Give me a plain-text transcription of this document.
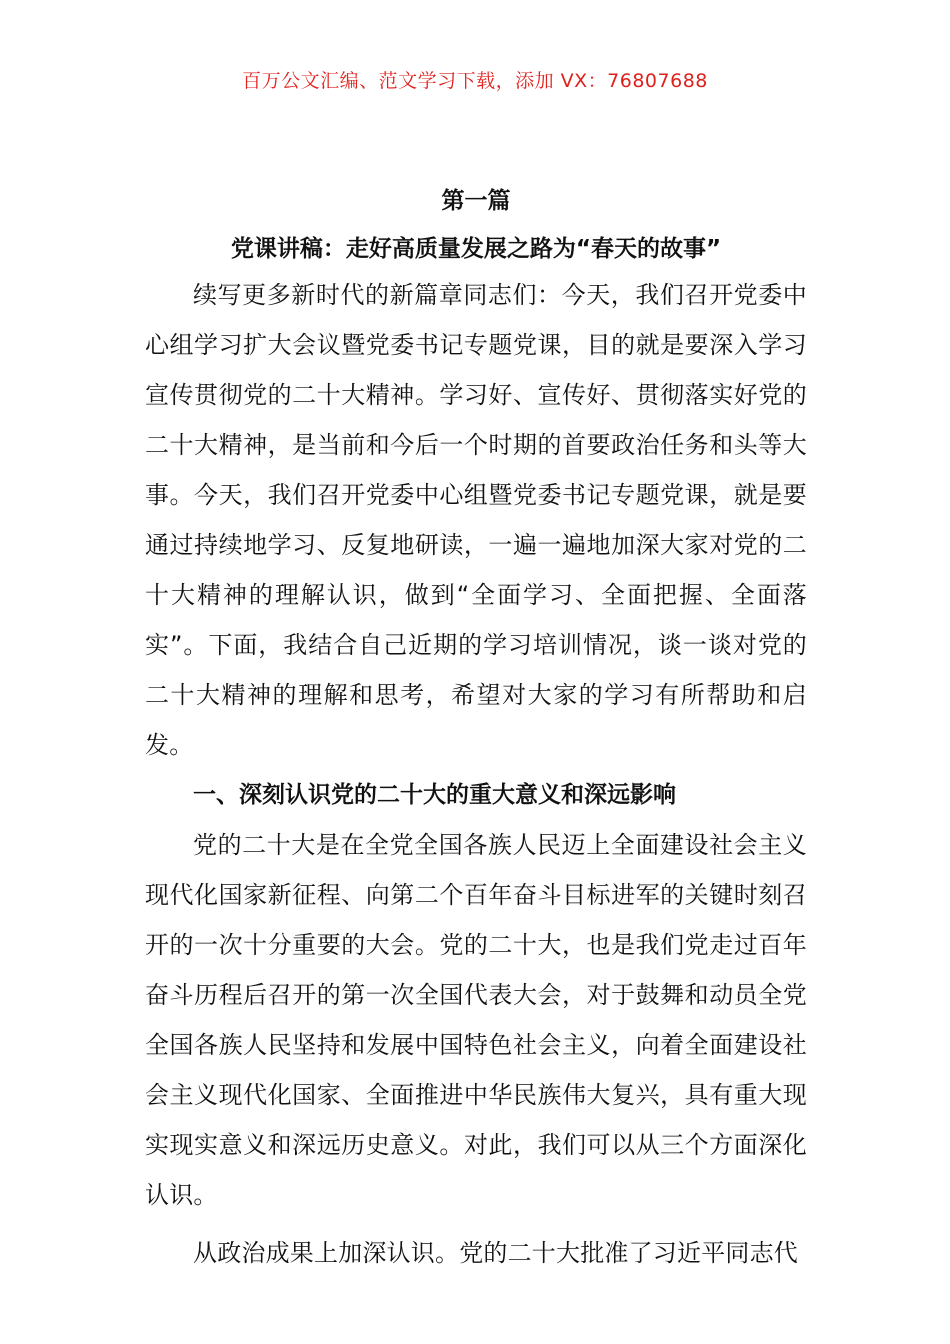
百万公文汇编、范文学习下载，添加 VX：76807688

第一篇

党课讲稿：走好高质量发展之路为“春天的故事”

续写更多新时代的新篇章同志们：今天，我们召开党委中心组学习扩大会议暨党委书记专题党课，目的就是要深入学习宣传贯彻党的二十大精神。学习好、宣传好、贯彻落实好党的二十大精神，是当前和今后一个时期的首要政治任务和头等大事。今天，我们召开党委中心组暨党委书记专题党课，就是要通过持续地学习、反复地研读，一遍一遍地加深大家对党的二十大精神的理解认识，做到“全面学习、全面把握、全面落实”。下面，我结合自己近期的学习培训情况，谈一谈对党的二十大精神的理解和思考，希望对大家的学习有所帮助和启发。

一、深刻认识党的二十大的重大意义和深远影响

党的二十大是在全党全国各族人民迈上全面建设社会主义现代化国家新征程、向第二个百年奋斗目标进军的关键时刻召开的一次十分重要的大会。党的二十大，也是我们党走过百年奋斗历程后召开的第一次全国代表大会，对于鼓舞和动员全党全国各族人民坚持和发展中国特色社会主义，向着全面建设社会主义现代化国家、全面推进中华民族伟大复兴，具有重大现实现实意义和深远历史意义。对此，我们可以从三个方面深化认识。

从政治成果上加深认识。党的二十大批准了习近平同志代
